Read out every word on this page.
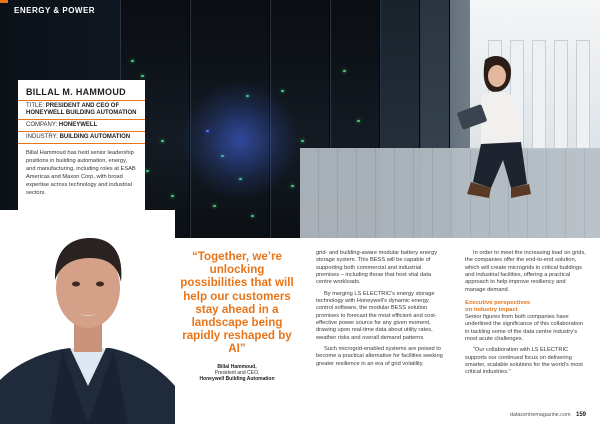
ENERGY & POWER
BILLAL M. HAMMOUD
TITLE: PRESIDENT AND CEO OF HONEYWELL BUILDING AUTOMATION
COMPANY: HONEYWELL
INDUSTRY: BUILDING AUTOMATION
Billal Hammoud has held senior leadership positions in building automation, energy, and manufacturing, including roles at ESAB Americas and Maxon Corp, with broad expertise across technology and industrial sectors.
“Together, we’re unlocking possibilities that will help our customers stay ahead in a landscape being rapidly reshaped by AI”
Billal Hammoud,
President and CEO,
Honeywell Building Automation

grid- and building-aware modular battery energy storage system. This BESS will be capable of supporting both commercial and industrial premises – including those that host vital data centre workloads.

By merging LS ELECTRIC’s energy storage technology with Honeywell’s dynamic energy control software, the modular BESS solution promises to forecast the most efficient and cost-effective power source for any given moment, drawing upon real-time data about utility rates, weather risks and overall demand patterns.

Such microgrid-enabled systems are poised to become a practical alternative for facilities seeking greater resilience in an era of grid volatility.

In order to meet the increasing load on grids, the companies offer the end-to-end solution, which will create microgrids in critical buildings and industrial facilities, offering a practical approach to help improve resiliency and manage demand.

Executive perspectives
on industry impact

Senior figures from both companies have underlined the significance of this collaboration in tackling some of the data centre industry’s most acute challenges.

“Our collaboration with LS ELECTRIC supports our continued focus on delivering smarter, scalable solutions for the world’s most critical industries.”

datacentremagazine.com 159
